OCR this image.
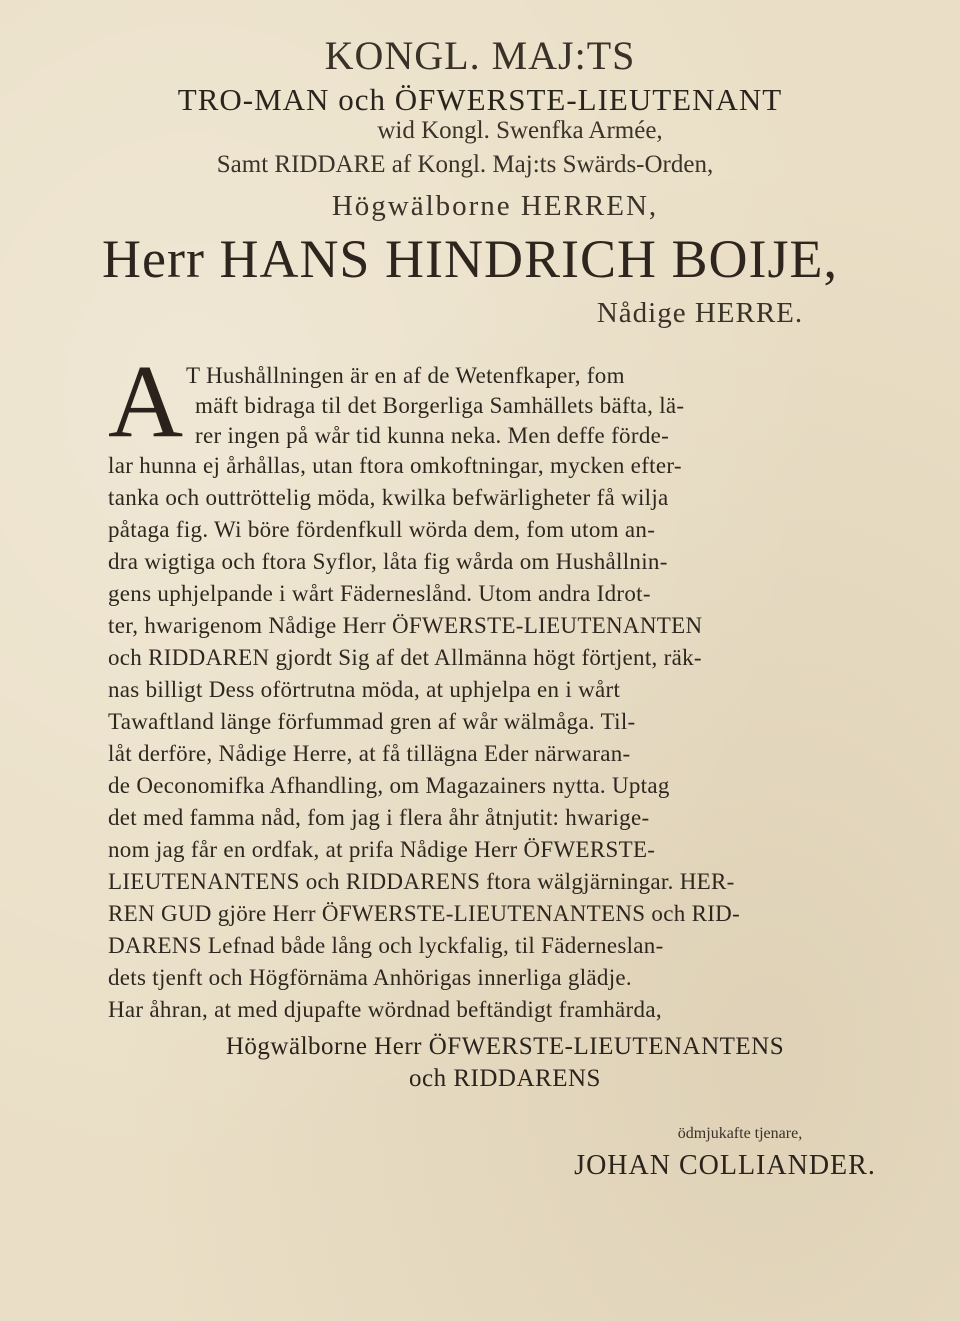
KONGL. MAJ:TS
TRO-MAN och ÖFWERSTE-LIEUTENANT
wid Kongl. Swenfka Armée,
Samt RIDDARE af Kongl. Maj:ts Swärds-Orden,
Högwälborne HERREN,
Herr HANS HINDRICH BOIJE,
Nådige HERRE.
A T Hushållningen är en af de Wetenfkaper, fom
mäft bidraga til det Borgerliga Samhällets bäfta, lä-
rer ingen på wår tid kunna neka. Men deffe förde-
lar hunna ej århållas, utan ftora omkoftningar, mycken efter-
tanka och outtröttelig möda, kwilka befwärligheter få wilja
påtaga fig. Wi böre fördenfkull wörda dem, fom utom an-
dra wigtiga och ftora Syflor, låta fig wårda om Hushållnin-
gens uphjelpande i wårt Fäderneslånd. Utom andra Idrot-
ter, hwarigenom Nådige Herr ÖFWERSTE-LIEUTENANTEN
och RIDDAREN gjordt Sig af det Allmänna högt förtjent, räk-
nas billigt Dess oförtrutna möda, at uphjelpa en i wårt
Tawaftland länge förfummad gren af wår wälmåga. Til-
låt derföre, Nådige Herre, at få tillägna Eder närwaran-
de Oeconomifka Afhandling, om Magazainers nytta. Uptag
det med famma nåd, fom jag i flera åhr åtnjutit: hwarige-
nom jag får en ordfak, at prifa Nådige Herr ÖFWERSTE-
LIEUTENANTENS och RIDDARENS ftora wälgjärningar. HER-
REN GUD gjöre Herr ÖFWERSTE-LIEUTENANTENS och RID-
DARENS Lefnad både lång och lyckfalig, til Fäderneslan-
dets tjenft och Högförnäma Anhörigas innerliga glädje.
Har åhran, at med djupafte wördnad beftändigt framhärda,
Högwälborne Herr ÖFWERSTE-LIEUTENANTENS
och RIDDARENS
ödmjukafte tjenare,
JOHAN COLLIANDER.
